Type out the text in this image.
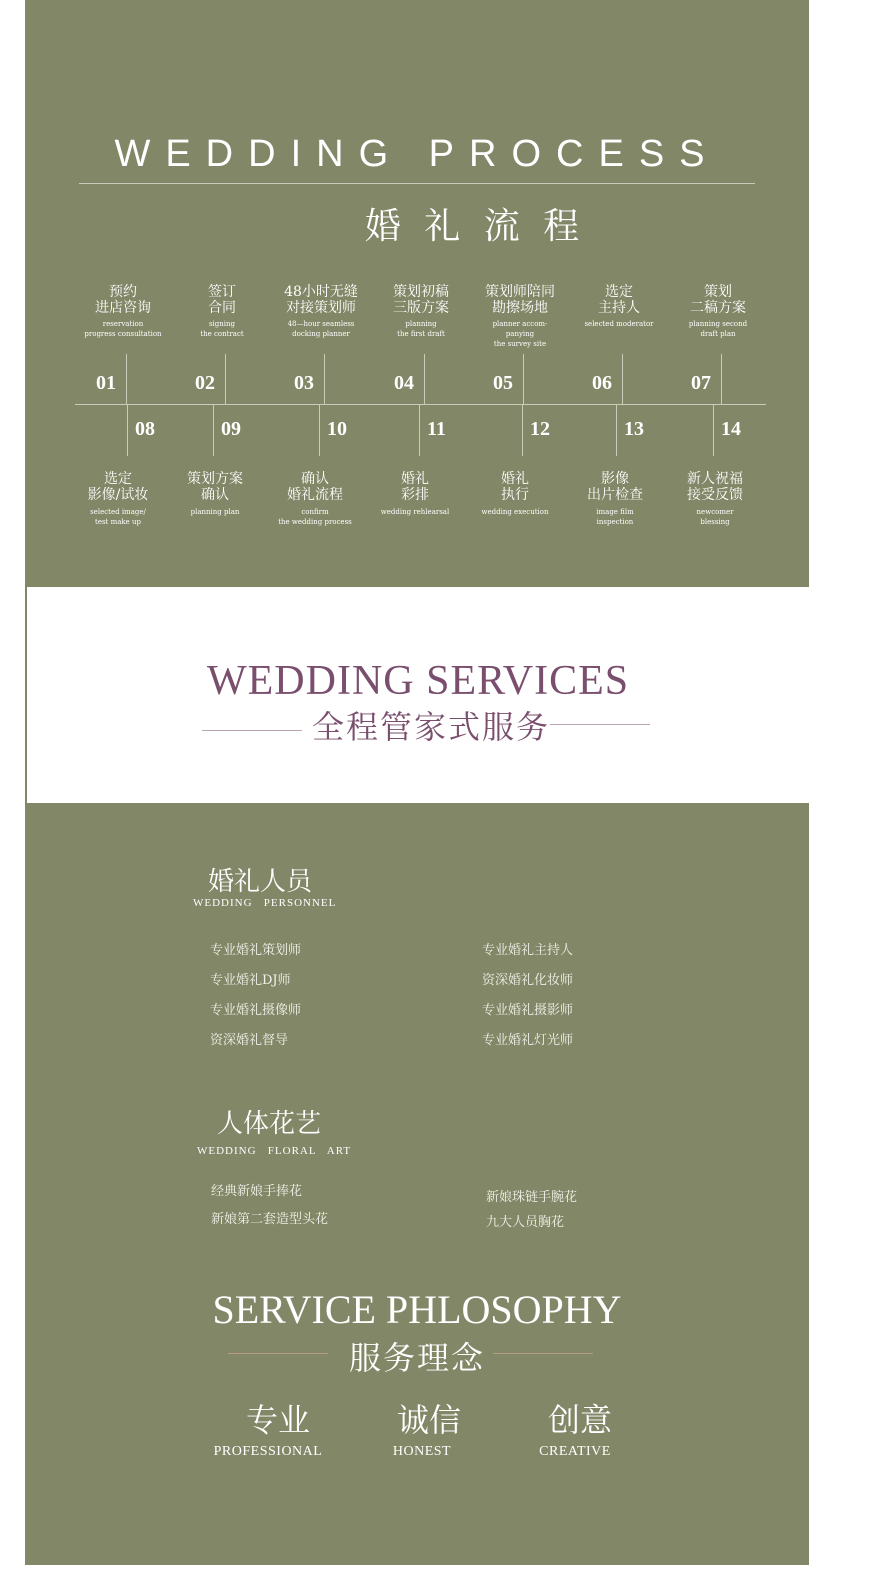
WEDDING PROCESS
婚 礼 流 程
预约
进店咨询
reservation
progress consultation
01
签订
合同
signing
the contract
02
48小时无缝
对接策划师
48—hour seamless
docking planner
03
策划初稿
三版方案
planning
the first draft
04
策划师陪同
勘擦场地
planner accom-
panying
the survey site
05
选定
主持人
selected moderator
06
策划
二稿方案
planning second
draft plan
07
08
选定
影像/试妆
selected image/
test make up
09
策划方案
确认
planning plan
10
确认
婚礼流程
confirm
the wedding process
11
婚礼
彩排
wedding rehlearsal
12
婚礼
执行
wedding execution
13
影像
出片检查
image film
inspection
14
新人祝福
接受反馈
newcomer
blessing
WEDDING SERVICES
全程管家式服务
婚礼人员
WEDDING   PERSONNEL
专业婚礼策划师
专业婚礼DJ师
专业婚礼摄像师
资深婚礼督导
专业婚礼主持人
资深婚礼化妆师
专业婚礼摄影师
专业婚礼灯光师
人体花艺
WEDDING   FLORAL   ART
经典新娘手捧花
新娘第二套造型头花
新娘珠链手腕花
九大人员胸花
SERVICE PHLOSOPHY
服务理念
专业
PROFESSIONAL
诚信
HONEST
创意
CREATIVE
